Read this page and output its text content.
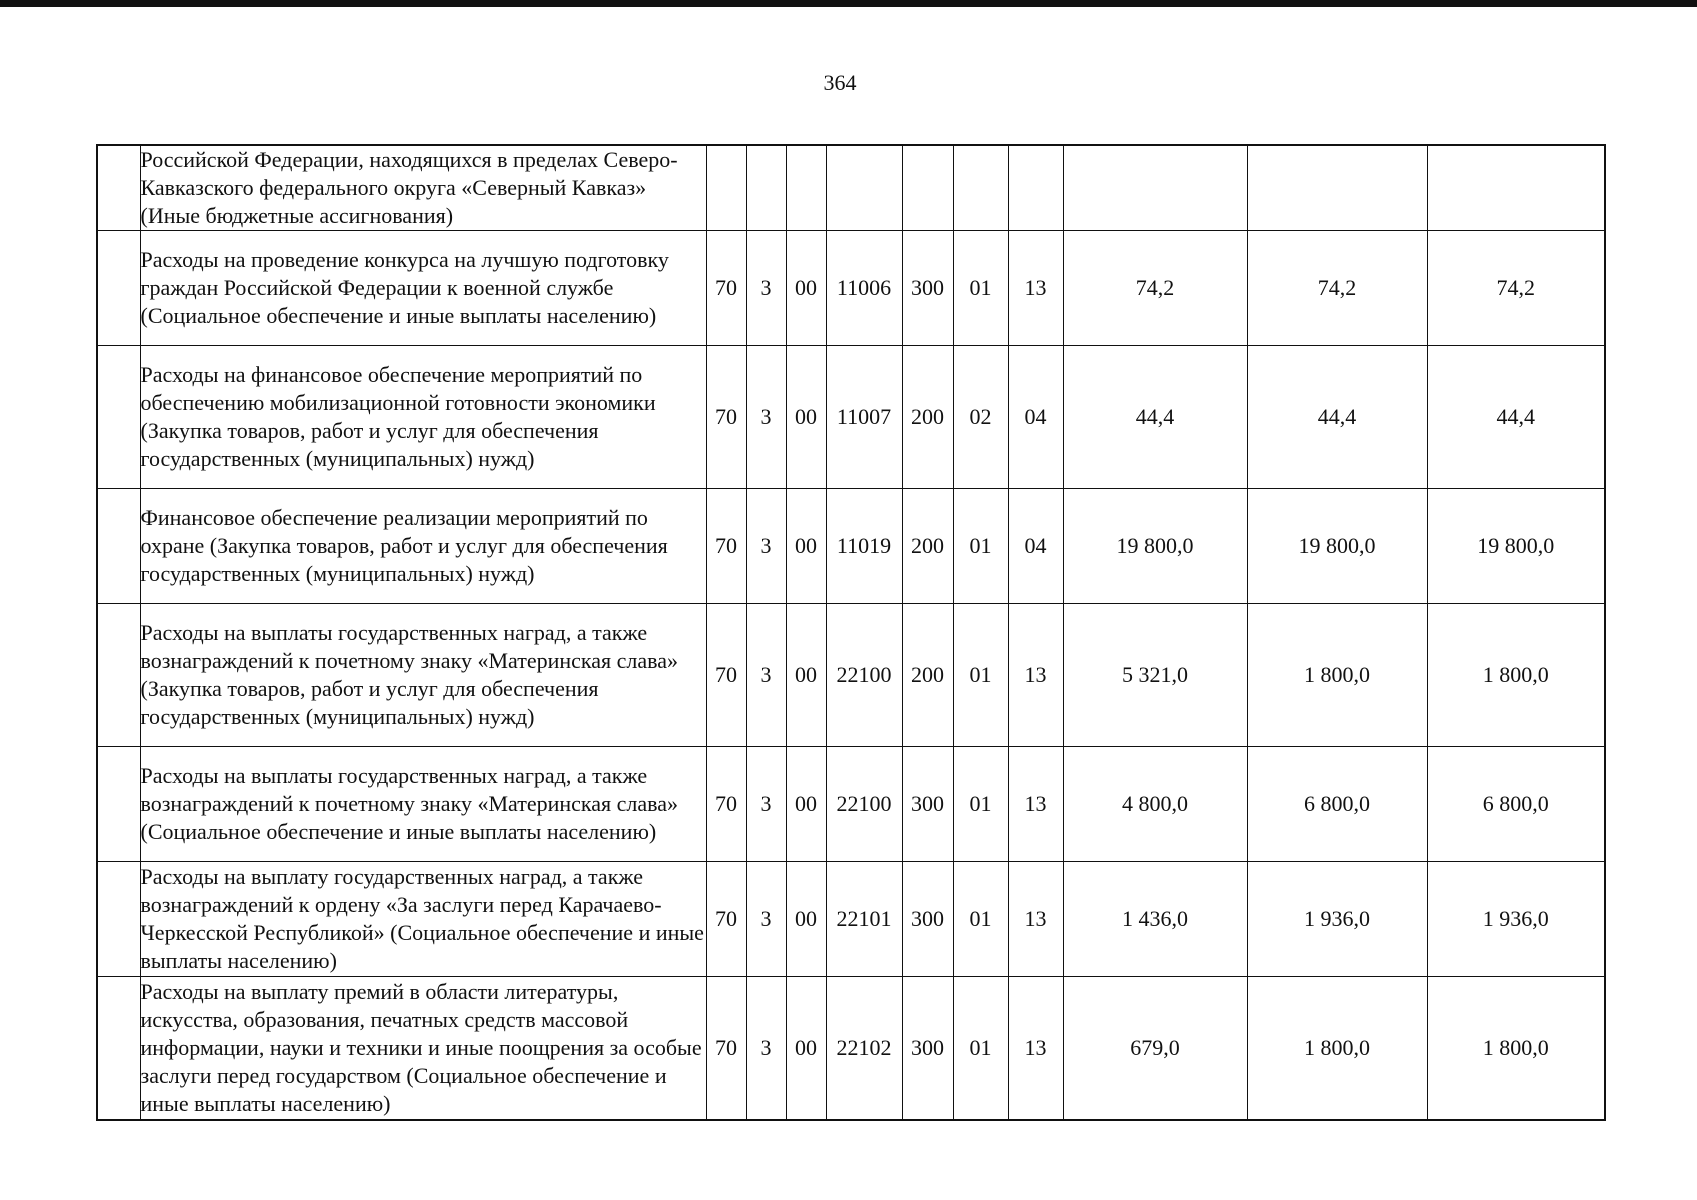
364
	Российской Федерации, находящихся в пределах Северо-Кавказского федерального округа «Северный Кавказ» (Иные бюджетные ассигнования)										
	Расходы на проведение конкурса на лучшую подготовку граждан Российской Федерации к военной службе (Социальное обеспечение и иные выплаты населению)	70	3	00	11006	300	01	13	74,2	74,2	74,2
	Расходы на финансовое обеспечение мероприятий по обеспечению мобилизационной готовности экономики (Закупка товаров, работ и услуг для обеспечения государственных (муниципальных) нужд)	70	3	00	11007	200	02	04	44,4	44,4	44,4
	Финансовое обеспечение реализации мероприятий по охране (Закупка товаров, работ и услуг для обеспечения государственных (муниципальных) нужд)	70	3	00	11019	200	01	04	19 800,0	19 800,0	19 800,0
	Расходы на выплаты государственных наград, а также вознаграждений к почетному знаку «Материнская слава» (Закупка товаров, работ и услуг для обеспечения государственных (муниципальных) нужд)	70	3	00	22100	200	01	13	5 321,0	1 800,0	1 800,0
	Расходы на выплаты государственных наград, а также вознаграждений к почетному знаку «Материнская слава» (Социальное обеспечение и иные выплаты населению)	70	3	00	22100	300	01	13	4 800,0	6 800,0	6 800,0
	Расходы на выплату государственных наград, а также вознаграждений к ордену «За заслуги перед Карачаево-Черкесской Республикой» (Социальное обеспечение и иные выплаты населению)	70	3	00	22101	300	01	13	1 436,0	1 936,0	1 936,0
	Расходы на выплату премий в области литературы, искусства, образования, печатных средств массовой информации, науки и техники и иные поощрения за особые заслуги перед государством (Социальное обеспечение и иные выплаты населению)	70	3	00	22102	300	01	13	679,0	1 800,0	1 800,0
